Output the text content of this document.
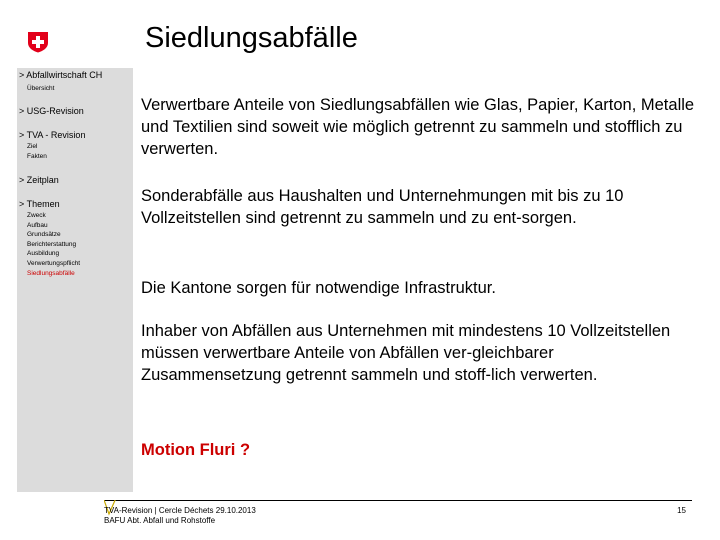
Siedlungsabfälle
> Abfallwirtschaft CH
Übersicht
> USG-Revision
> TVA - Revision
Ziel
Fakten
> Zeitplan
> Themen
Zweck
Aufbau
Grundsätze
Berichterstattung
Ausbildung
Verwertungspflicht
Siedlungsabfälle
Verwertbare Anteile von Siedlungsabfällen wie Glas, Papier, Karton, Metalle und Textilien sind soweit wie möglich getrennt zu sammeln und stofflich zu verwerten.
Sonderabfälle aus Haushalten und Unternehmungen mit bis zu 10 Vollzeitstellen sind getrennt zu sammeln und zu ent-sorgen.
Die Kantone sorgen für notwendige Infrastruktur.
Inhaber von Abfällen aus Unternehmen mit mindestens 10 Vollzeitstellen müssen verwertbare Anteile von Abfällen ver-gleichbarer Zusammensetzung getrennt sammeln und stoff-lich verwerten.
Motion Fluri ?
TVA-Revision | Cercle Déchets 29.10.2013
BAFU Abt. Abfall und Rohstoffe
15
